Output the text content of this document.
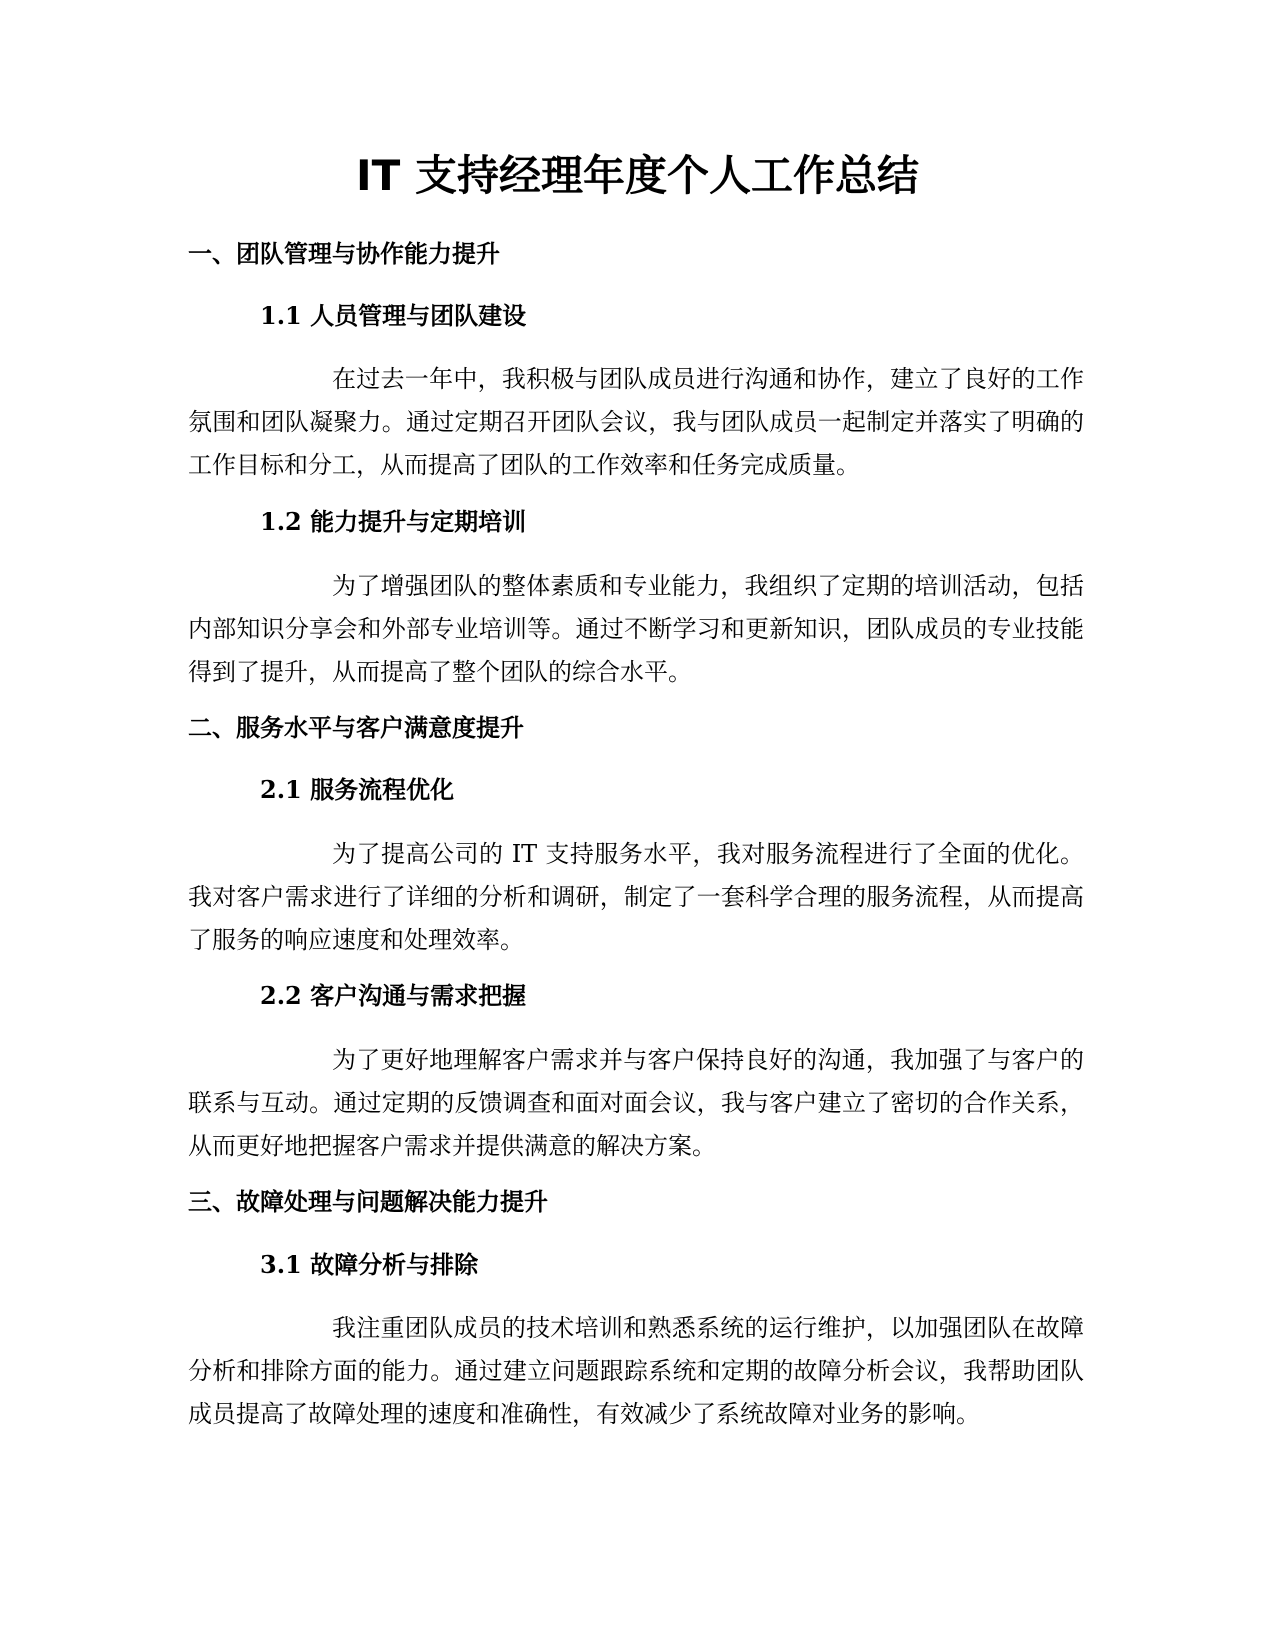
IT 支持经理年度个人工作总结
一、团队管理与协作能力提升
1.1 人员管理与团队建设

在过去一年中，我积极与团队成员进行沟通和协作，建立了良好的工作氛围和团队凝聚力。通过定期召开团队会议，我与团队成员一起制定并落实了明确的工作目标和分工，从而提高了团队的工作效率和任务完成质量。

1.2 能力提升与定期培训

为了增强团队的整体素质和专业能力，我组织了定期的培训活动，包括内部知识分享会和外部专业培训等。通过不断学习和更新知识，团队成员的专业技能得到了提升，从而提高了整个团队的综合水平。

二、服务水平与客户满意度提升
2.1 服务流程优化

为了提高公司的 IT 支持服务水平，我对服务流程进行了全面的优化。我对客户需求进行了详细的分析和调研，制定了一套科学合理的服务流程，从而提高了服务的响应速度和处理效率。

2.2 客户沟通与需求把握

为了更好地理解客户需求并与客户保持良好的沟通，我加强了与客户的联系与互动。通过定期的反馈调查和面对面会议，我与客户建立了密切的合作关系，从而更好地把握客户需求并提供满意的解决方案。

三、故障处理与问题解决能力提升
3.1 故障分析与排除

我注重团队成员的技术培训和熟悉系统的运行维护，以加强团队在故障分析和排除方面的能力。通过建立问题跟踪系统和定期的故障分析会议，我帮助团队成员提高了故障处理的速度和准确性，有效减少了系统故障对业务的影响。
